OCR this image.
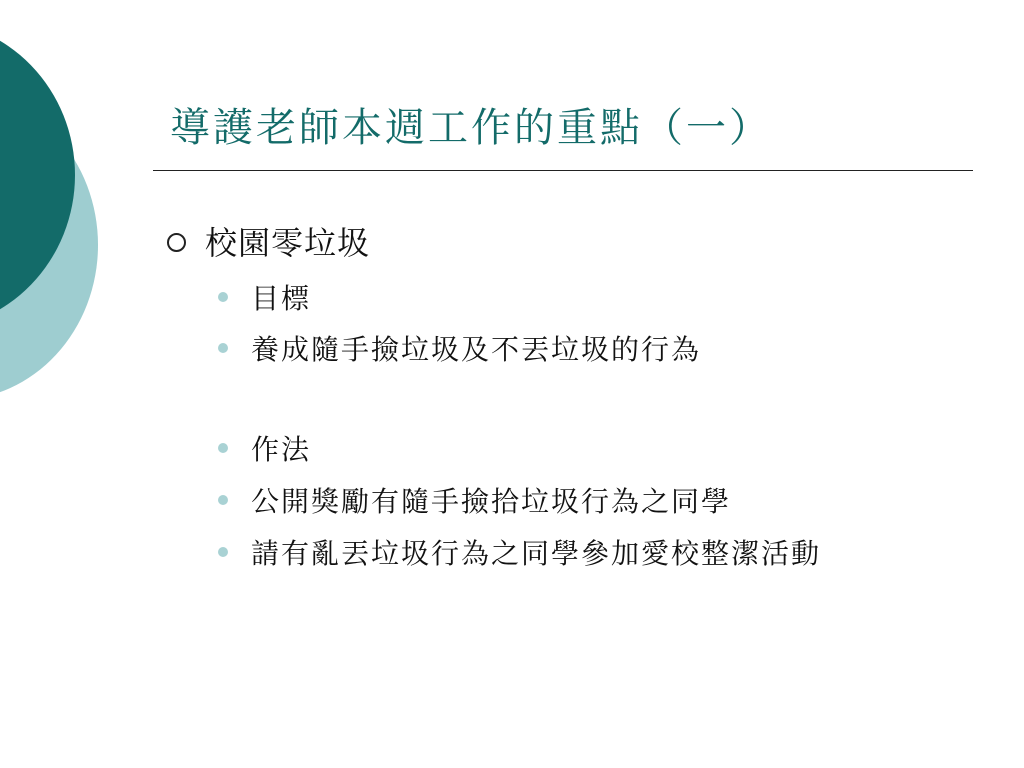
導護老師本週工作的重點（一）
校園零垃圾
目標
養成隨手撿垃圾及不丟垃圾的行為
作法
公開獎勵有隨手撿拾垃圾行為之同學
請有亂丟垃圾行為之同學參加愛校整潔活動
